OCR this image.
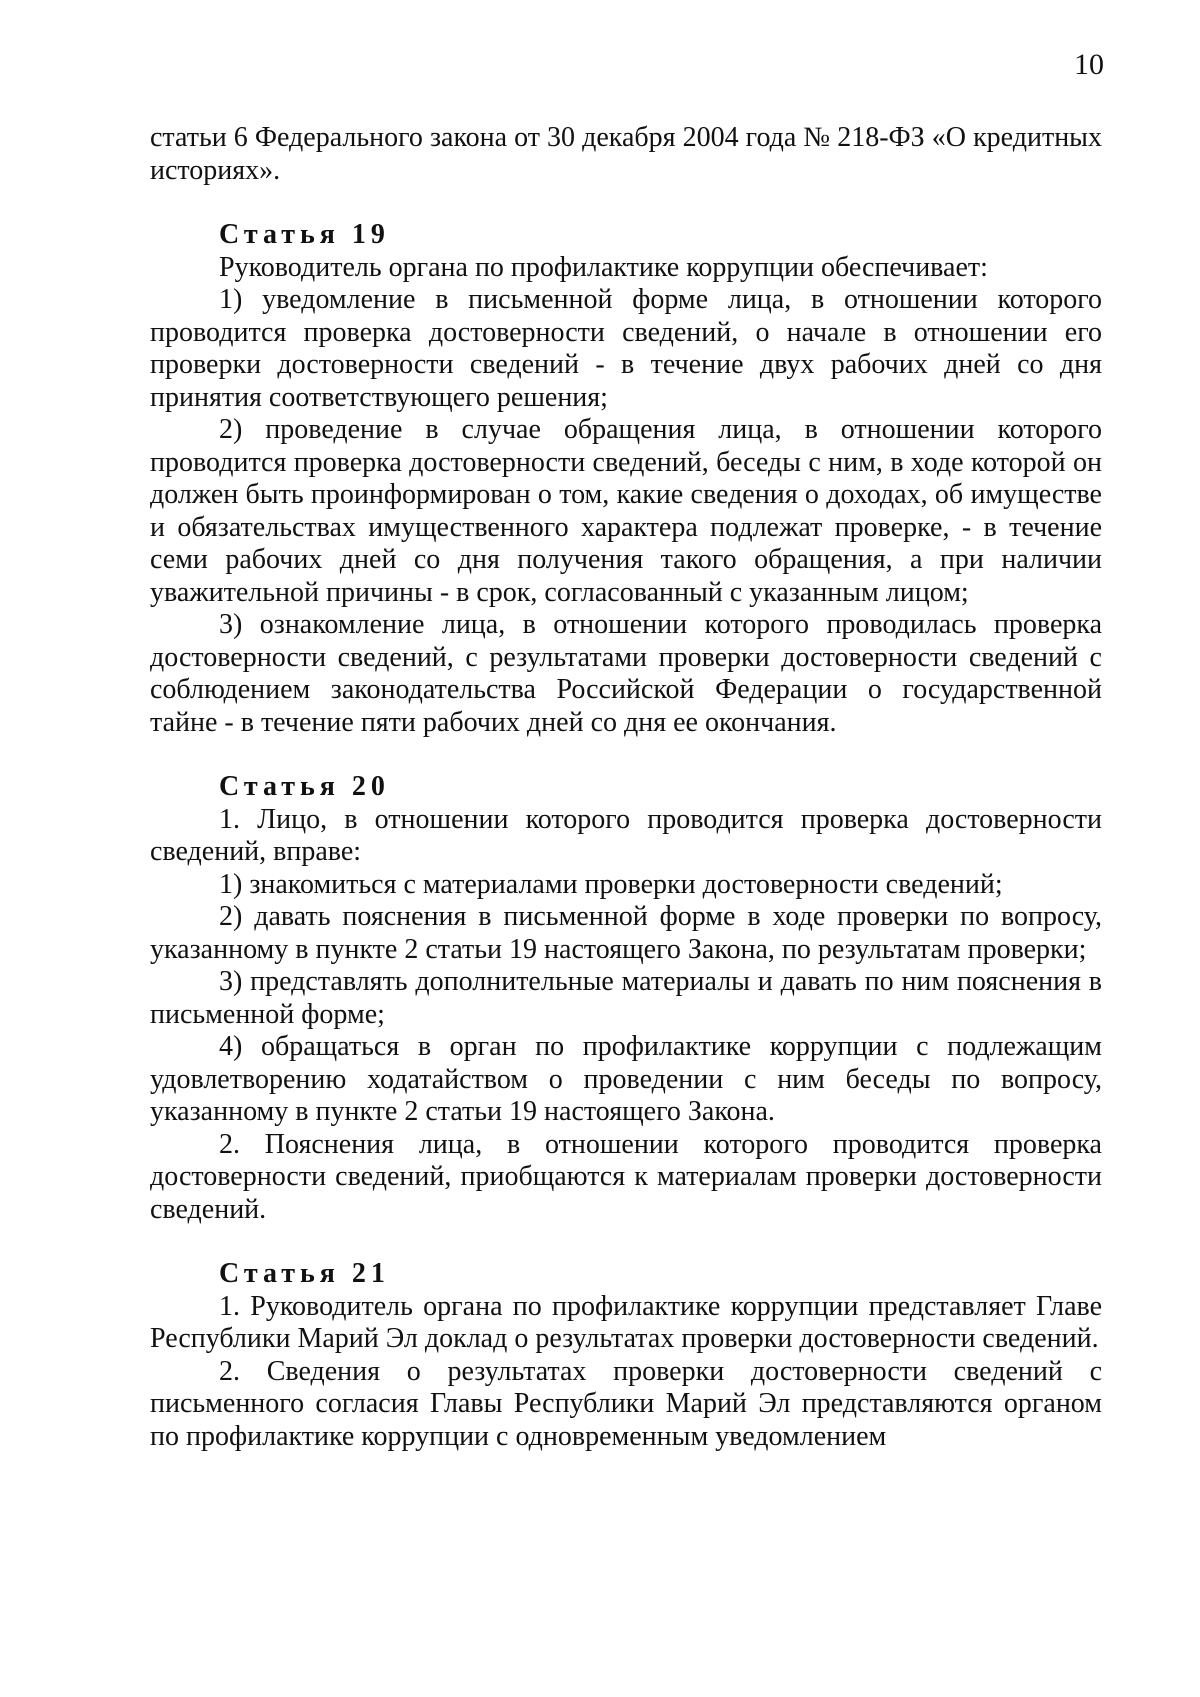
10

статьи 6 Федерального закона от 30 декабря 2004 года № 218-ФЗ «О кредитных историях».

Статья 19

Руководитель органа по профилактике коррупции обеспечивает:

1) уведомление в письменной форме лица, в отношении которого проводится проверка достоверности сведений, о начале в отношении его проверки достоверности сведений - в течение двух рабочих дней со дня принятия соответствующего решения;

2) проведение в случае обращения лица, в отношении которого проводится проверка достоверности сведений, беседы с ним, в ходе которой он должен быть проинформирован о том, какие сведения о доходах, об имуществе и обязательствах имущественного характера подлежат проверке, - в течение семи рабочих дней со дня получения такого обращения, а при наличии уважительной причины - в срок, согласованный с указанным лицом;

3) ознакомление лица, в отношении которого проводилась проверка достоверности сведений, с результатами проверки достоверности сведений с соблюдением законодательства Российской Федерации о государственной тайне - в течение пяти рабочих дней со дня ее окончания.

Статья 20

1. Лицо, в отношении которого проводится проверка достоверности сведений, вправе:

1) знакомиться с материалами проверки достоверности сведений;

2) давать пояснения в письменной форме в ходе проверки по вопросу, указанному в пункте 2 статьи 19 настоящего Закона, по результатам проверки;

3) представлять дополнительные материалы и давать по ним пояснения в письменной форме;

4) обращаться в орган по профилактике коррупции с подлежащим удовлетворению ходатайством о проведении с ним беседы по вопросу, указанному в пункте 2 статьи 19 настоящего Закона.

2. Пояснения лица, в отношении которого проводится проверка достоверности сведений, приобщаются к материалам проверки достоверности сведений.

Статья 21

1. Руководитель органа по профилактике коррупции представляет Главе Республики Марий Эл доклад о результатах проверки достоверности сведений.

2. Сведения о результатах проверки достоверности сведений с письменного согласия Главы Республики Марий Эл представляются органом по профилактике коррупции с одновременным уведомлением
